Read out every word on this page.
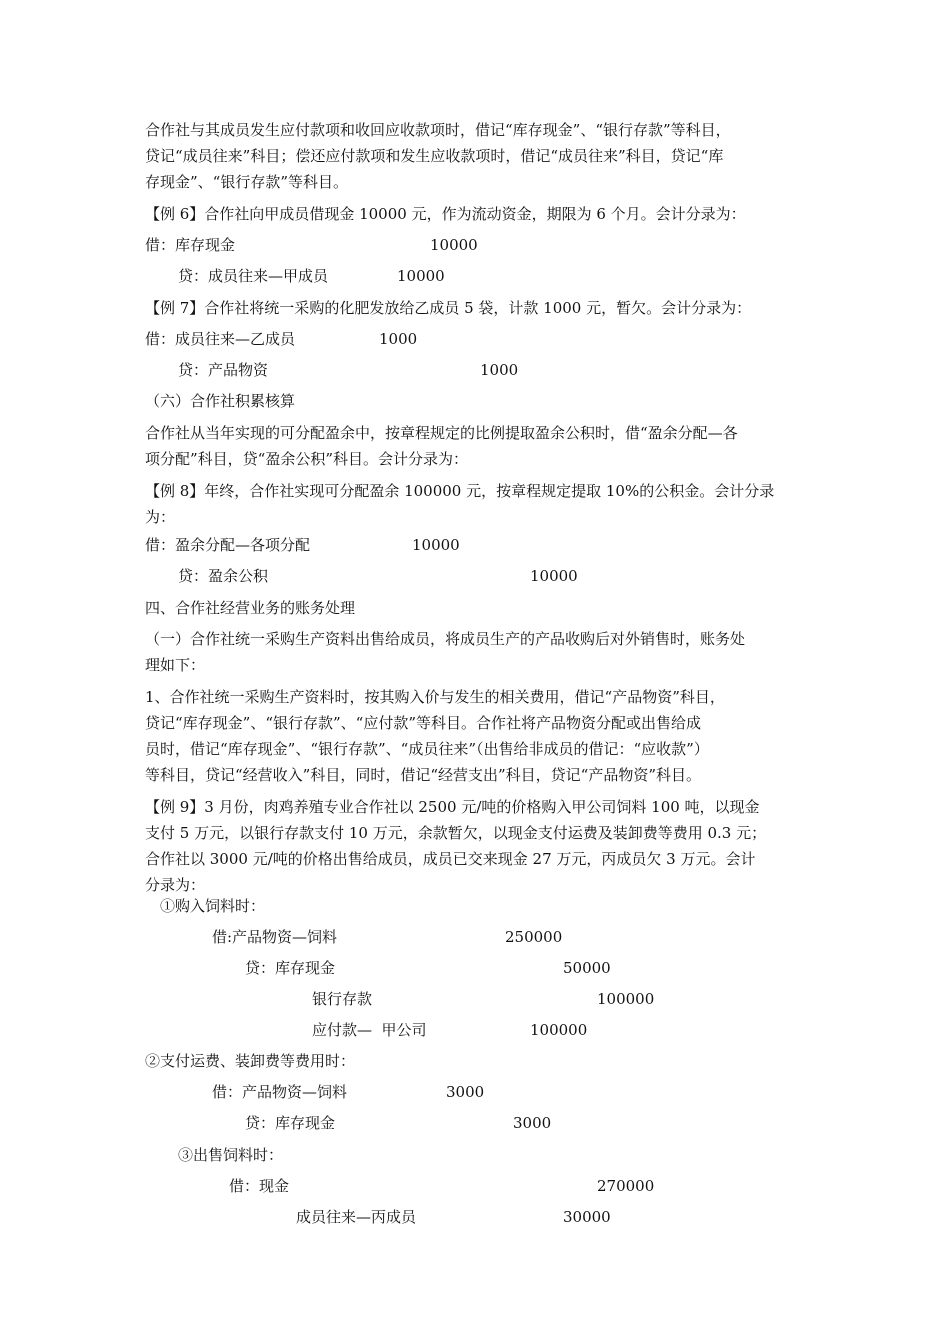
合作社与其成员发生应付款项和收回应收款项时，借记“库存现金”、“银行存款”等科目，
贷记“成员往来”科目；偿还应付款项和发生应收款项时，借记“成员往来”科目，贷记“库
存现金”、“银行存款”等科目。
【例 6】合作社向甲成员借现金 10000 元，作为流动资金，期限为 6 个月。会计分录为：
借：库存现金	10000
贷：成员往来—甲成员	10000
【例 7】合作社将统一采购的化肥发放给乙成员 5 袋，计款 1000 元，暂欠。会计分录为：
借：成员往来—乙成员	1000
贷：产品物资	1000
（六）合作社积累核算
合作社从当年实现的可分配盈余中，按章程规定的比例提取盈余公积时，借“盈余分配—各
项分配”科目，贷“盈余公积”科目。会计分录为：
【例 8】年终，合作社实现可分配盈余 100000 元，按章程规定提取 10%的公积金。会计分录
为：
借：盈余分配—各项分配	10000
贷：盈余公积	10000
四、合作社经营业务的账务处理
（一）合作社统一采购生产资料出售给成员，将成员生产的产品收购后对外销售时，账务处
理如下：
1、合作社统一采购生产资料时，按其购入价与发生的相关费用，借记“产品物资”科目，
贷记“库存现金”、“银行存款”、“应付款”等科目。合作社将产品物资分配或出售给成
员时，借记“库存现金”、“银行存款”、“成员往来”（出售给非成员的借记：“应收款”）
等科目，贷记“经营收入”科目，同时，借记“经营支出”科目，贷记“产品物资”科目。
【例 9】3 月份，肉鸡养殖专业合作社以 2500 元/吨的价格购入甲公司饲料 100 吨，以现金
支付 5 万元，以银行存款支付 10 万元，余款暂欠，以现金支付运费及装卸费等费用 0.3 元；
合作社以 3000 元/吨的价格出售给成员，成员已交来现金 27 万元，丙成员欠 3 万元。会计
分录为：
①购入饲料时：
借:产品物资—饲料	250000
贷：库存现金	50000
银行存款	100000
应付款—  甲公司	100000
②支付运费、装卸费等费用时：
借：产品物资—饲料	3000
贷：库存现金	3000
③出售饲料时：
借：现金	270000
成员往来—丙成员	30000
